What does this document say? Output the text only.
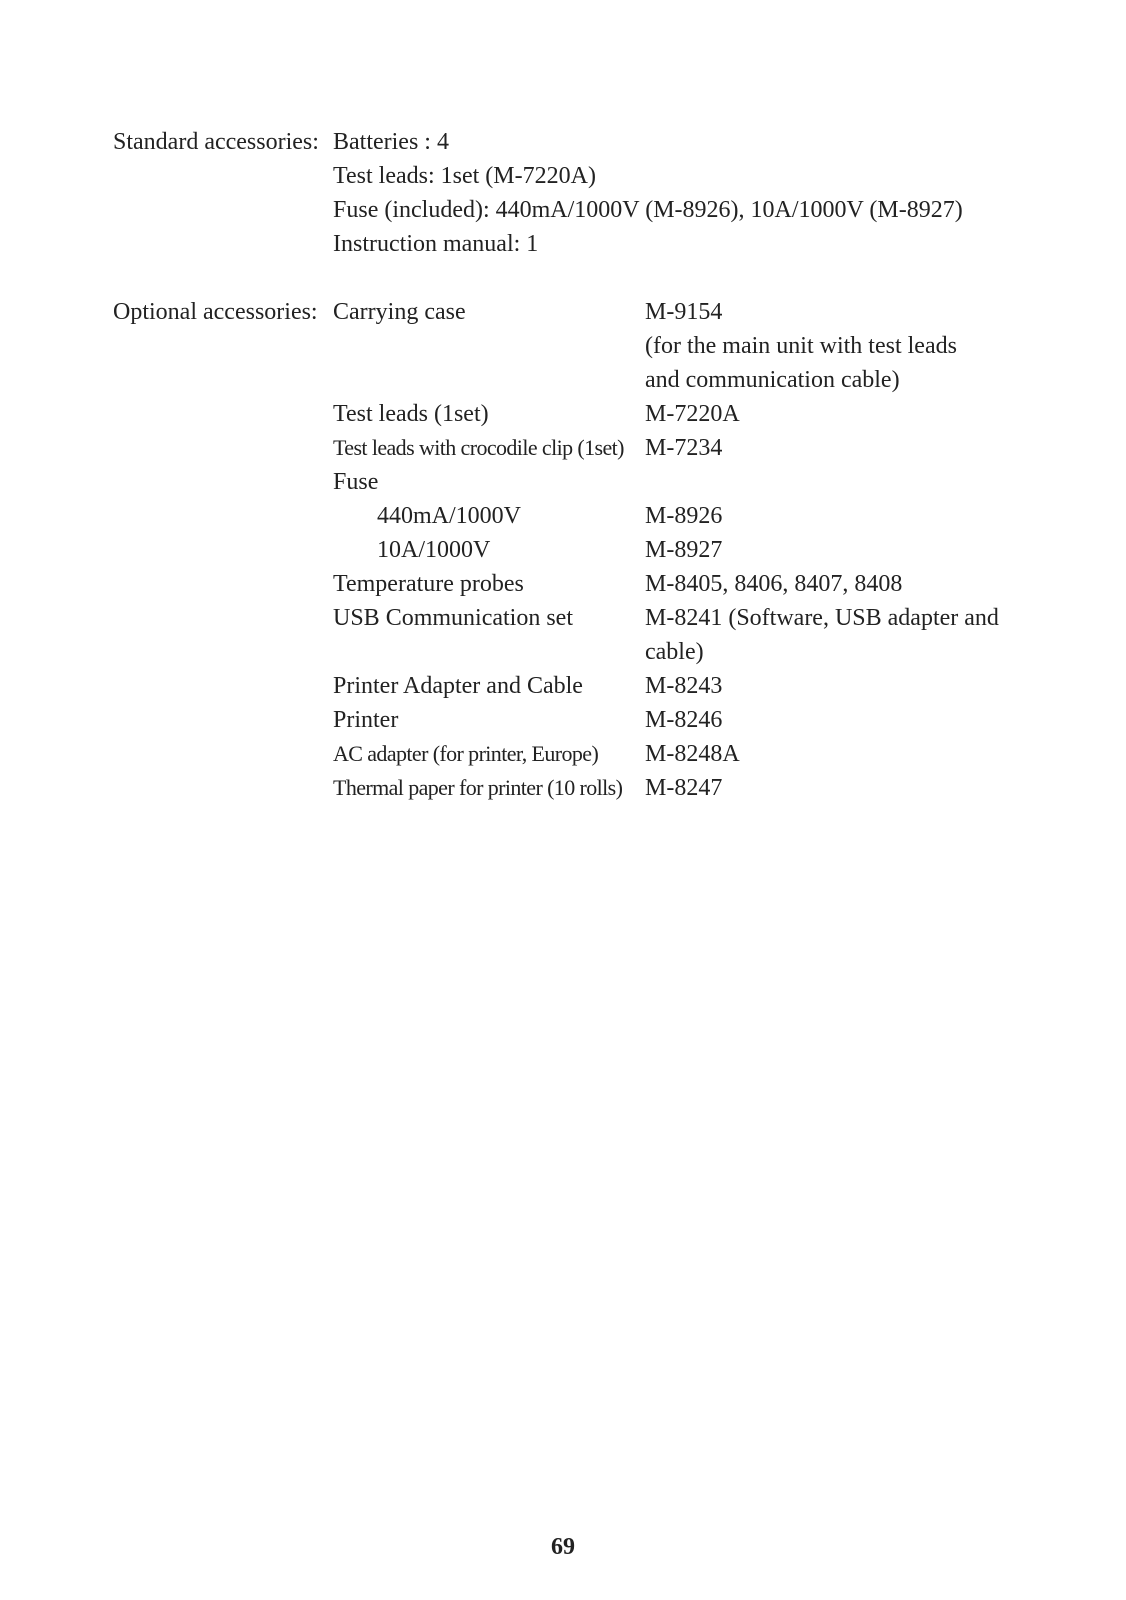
Standard accessories: Batteries : 4
Test leads: 1set (M-7220A)
Fuse (included): 440mA/1000V (M-8926), 10A/1000V (M-8927)
Instruction manual: 1
Optional accessories: Carrying case	M-9154
(for the main unit with test leads
and communication cable)
Test leads (1set)	M-7220A
Test leads with crocodile clip (1set) M-7234
Fuse
440mA/1000V	M-8926
10A/1000V	M-8927
Temperature probes	M-8405, 8406, 8407, 8408
USB Communication set	M-8241 (Software, USB adapter and
cable)
Printer Adapter and Cable	M-8243
Printer	M-8246
AC adapter (for printer, Europe) M-8248A
Thermal paper for printer (10 rolls) M-8247
69
